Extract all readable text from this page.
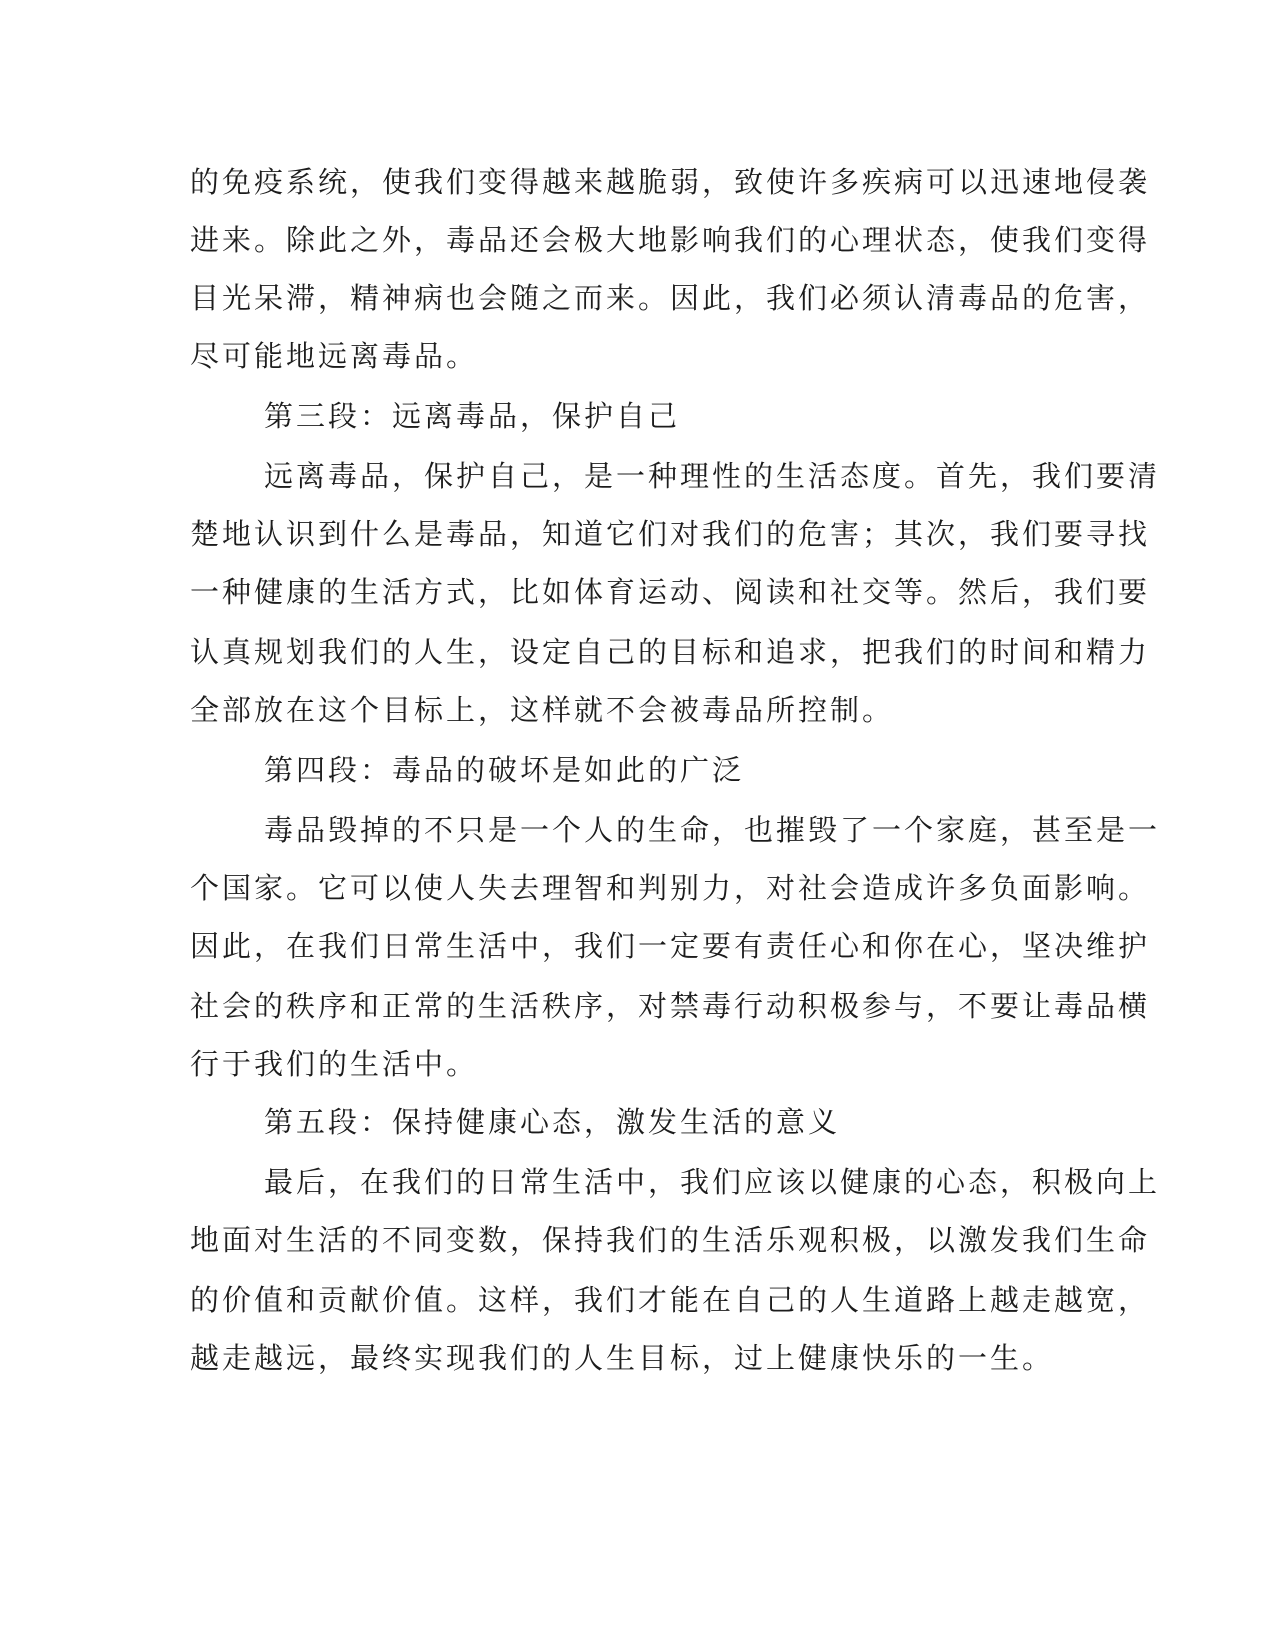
的免疫系统，使我们变得越来越脆弱，致使许多疾病可以迅速地侵袭
进来。除此之外，毒品还会极大地影响我们的心理状态，使我们变得
目光呆滞，精神病也会随之而来。因此，我们必须认清毒品的危害，
尽可能地远离毒品。
第三段：远离毒品，保护自己
远离毒品，保护自己，是一种理性的生活态度。首先，我们要清
楚地认识到什么是毒品，知道它们对我们的危害；其次，我们要寻找
一种健康的生活方式，比如体育运动、阅读和社交等。然后，我们要
认真规划我们的人生，设定自己的目标和追求，把我们的时间和精力
全部放在这个目标上，这样就不会被毒品所控制。
第四段：毒品的破坏是如此的广泛
毒品毁掉的不只是一个人的生命，也摧毁了一个家庭，甚至是一
个国家。它可以使人失去理智和判别力，对社会造成许多负面影响。
因此，在我们日常生活中，我们一定要有责任心和你在心，坚决维护
社会的秩序和正常的生活秩序，对禁毒行动积极参与，不要让毒品横
行于我们的生活中。
第五段：保持健康心态，激发生活的意义
最后，在我们的日常生活中，我们应该以健康的心态，积极向上
地面对生活的不同变数，保持我们的生活乐观积极，以激发我们生命
的价值和贡献价值。这样，我们才能在自己的人生道路上越走越宽，
越走越远，最终实现我们的人生目标，过上健康快乐的一生。
